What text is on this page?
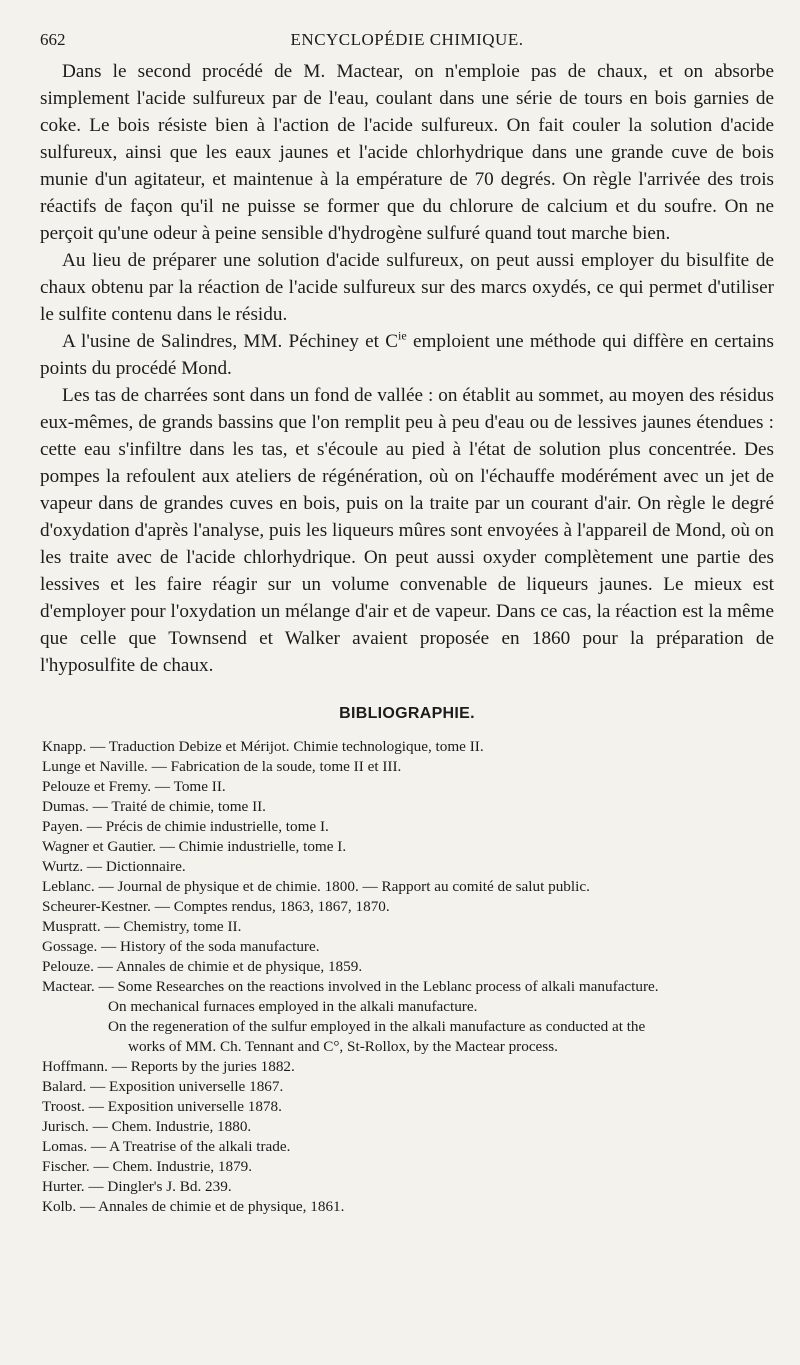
662	ENCYCLOPÉDIE CHIMIQUE.

Dans le second procédé de M. Mactear, on n'emploie pas de chaux, et on absorbe simplement l'acide sulfureux par de l'eau, coulant dans une série de tours en bois garnies de coke. Le bois résiste bien à l'action de l'acide sulfureux. On fait couler la solution d'acide sulfureux, ainsi que les eaux jaunes et l'acide chlorhydrique dans une grande cuve de bois munie d'un agitateur, et maintenue à la empérature de 70 degrés. On règle l'arrivée des trois réactifs de façon qu'il ne puisse se former que du chlorure de calcium et du soufre. On ne perçoit qu'une odeur à peine sensible d'hydrogène sulfuré quand tout marche bien.

Au lieu de préparer une solution d'acide sulfureux, on peut aussi employer du bisulfite de chaux obtenu par la réaction de l'acide sulfureux sur des marcs oxydés, ce qui permet d'utiliser le sulfite contenu dans le résidu.

A l'usine de Salindres, MM. Péchiney et $C^{ie}$ emploient une méthode qui diffère en certains points du procédé Mond.

Les tas de charrées sont dans un fond de vallée : on établit au sommet, au moyen des résidus eux-mêmes, de grands bassins que l'on remplit peu à peu d'eau ou de lessives jaunes étendues : cette eau s'infiltre dans les tas, et s'écoule au pied à l'état de solution plus concentrée. Des pompes la refoulent aux ateliers de régénération, où on l'échauffe modérément avec un jet de vapeur dans de grandes cuves en bois, puis on la traite par un courant d'air. On règle le degré d'oxydation d'après l'analyse, puis les liqueurs mûres sont envoyées à l'appareil de Mond, où on les traite avec de l'acide chlorhydrique. On peut aussi oxyder complètement une partie des lessives et les faire réagir sur un volume convenable de liqueurs jaunes. Le mieux est d'employer pour l'oxydation un mélange d'air et de vapeur. Dans ce cas, la réaction est la même que celle que Townsend et Walker avaient proposée en 1860 pour la préparation de l'hyposulfite de chaux.

BIBLIOGRAPHIE.
Knapp. — Traduction Debize et Mérijot. Chimie technologique, tome II.
Lunge et Naville. — Fabrication de la soude, tome II et III.
Pelouze et Fremy. — Tome II.
Dumas. — Traité de chimie, tome II.
Payen. — Précis de chimie industrielle, tome I.
Wagner et Gautier. — Chimie industrielle, tome I.
Wurtz. — Dictionnaire.
Leblanc. — Journal de physique et de chimie. 1800. — Rapport au comité de salut public.
Scheurer-Kestner. — Comptes rendus, 1863, 1867, 1870.
Muspratt. — Chemistry, tome II.
Gossage. — History of the soda manufacture.
Pelouze. — Annales de chimie et de physique, 1859.
Mactear. — Some Researches on the reactions involved in the Leblanc process of alkali manufacture.
On mechanical furnaces employed in the alkali manufacture.
On the regeneration of the sulfur employed in the alkali manufacture as conducted at the
works of MM. Ch. Tennant and C°, St-Rollox, by the Mactear process.
Hoffmann. — Reports by the juries 1882.
Balard. — Exposition universelle 1867.
Troost. — Exposition universelle 1878.
Jurisch. — Chem. Industrie, 1880.
Lomas. — A Treatrise of the alkali trade.
Fischer. — Chem. Industrie, 1879.
Hurter. — Dingler's J. Bd. 239.
Kolb. — Annales de chimie et de physique, 1861.
